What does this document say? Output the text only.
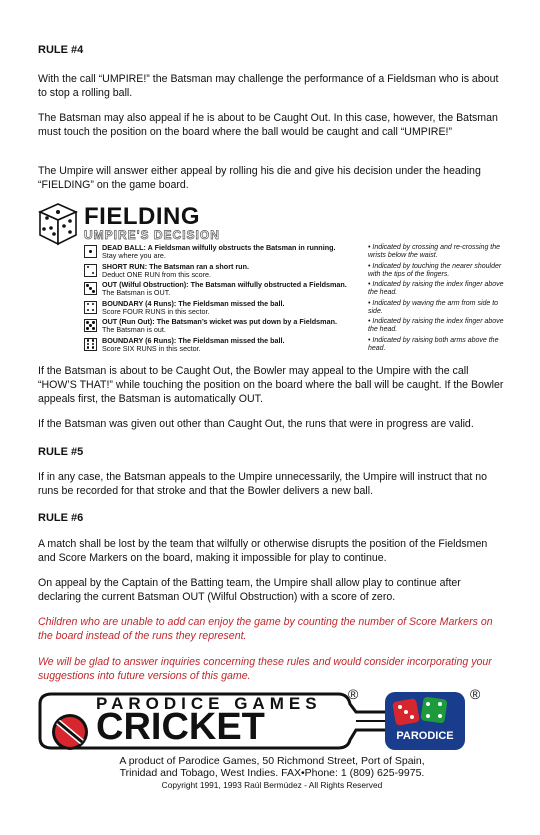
RULE #4
With the call “UMPIRE!” the Batsman may challenge the performance of a Fieldsman who is about to stop a rolling ball.
The Batsman may also appeal if he is about to be Caught Out. In this case, however, the Batsman must touch the position on the board where the ball would be caught and call “UMPIRE!”
The Umpire will answer either appeal by rolling his die and give his decision under the heading “FIELDING” on the game board.
FIELDING
UMPIRE'S DECISION
DEAD BALL: A Fieldsman wilfully obstructs the Batsman in running.
Stay where you are.
• Indicated by crossing and re-crossing the wrists below the waist.
SHORT RUN: The Batsman ran a short run.
Deduct ONE RUN from this score.
• Indicated by touching the nearer shoulder with the tips of the fingers.
OUT (Wilful Obstruction): The Batsman wilfully obstructed a Fieldsman.
The Batsman is OUT.
• Indicated by raising the index finger above the head.
BOUNDARY (4 Runs): The Fieldsman missed the ball.
Score FOUR RUNS in this sector.
• Indicated by waving the arm from side to side.
OUT (Run Out): The Batsman’s wicket was put down by a Fieldsman.
The Batsman is out.
• Indicated by raising the index finger above the head.
BOUNDARY (6 Runs): The Fieldsman missed the ball.
Score SIX RUNS in this sector.
• Indicated by raising both arms above the head.
If the Batsman is about to be Caught Out, the Bowler may appeal to the Umpire with the call “HOW’S THAT!” while touching the position on the board where the ball will be caught. If the Bowler appeals first, the Batsman is automatically OUT.
If the Batsman was given out other than Caught Out, the runs that were in progress are valid.
RULE #5
If in any case, the Batsman appeals to the Umpire unnecessarily, the Umpire will instruct that no runs be recorded for that stroke and that the Bowler delivers a new ball.
RULE #6
A match shall be lost by the team that wilfully or otherwise disrupts the position of the Fieldsmen and Score Markers on the board, making it impossible for play to continue.
On appeal by the Captain of the Batting team, the Umpire shall allow play to continue after declaring the current Batsman OUT (Wilful Obstruction) with a score of zero.
Children who are unable to add can enjoy the game by counting the number of Score Markers on the board instead of the runs they represent.
We will be glad to answer inquiries concerning these rules and would consider incorporating your suggestions into future versions of this game.
PARODICE GAMES
CRICKET
®
PARODICE
®
A product of Parodice Games, 50 Richmond Street, Port of Spain,
Trinidad and Tobago, West Indies. FAX•Phone: 1 (809) 625-9975.
Copyright 1991, 1993 Raúl Bermúdez - All Rights Reserved
